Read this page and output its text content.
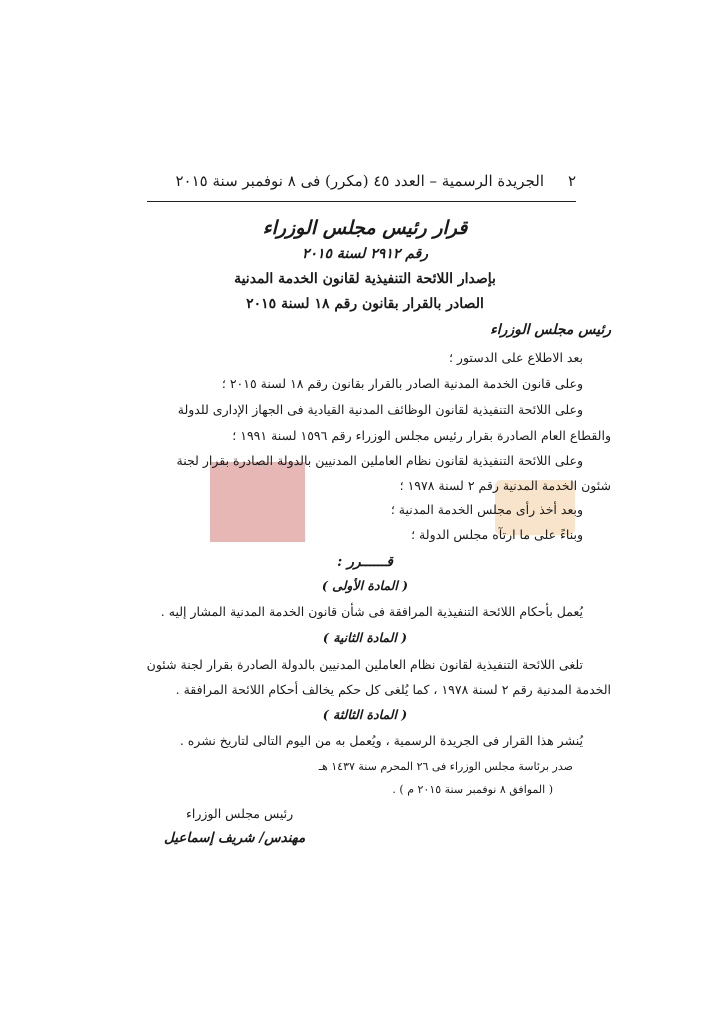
٢
الجريدة الرسمية – العدد ٤٥ (مكرر) فى ٨ نوفمبر سنة ٢٠١٥
قرار رئيس مجلس الوزراء
رقم ٢٩١٢ لسنة ٢٠١٥
بإصدار اللائحة التنفيذية لقانون الخدمة المدنية
الصادر بالقرار بقانون رقم ١٨ لسنة ٢٠١٥
رئيس مجلس الوزراء
بعد الاطلاع على الدستور ؛
وعلى قانون الخدمة المدنية الصادر بالقرار بقانون رقم ١٨ لسنة ٢٠١٥ ؛
وعلى اللائحة التنفيذية لقانون الوظائف المدنية القيادية فى الجهاز الإدارى للدولة
والقطاع العام الصادرة بقرار رئيس مجلس الوزراء رقم ١٥٩٦ لسنة ١٩٩١ ؛
وعلى اللائحة التنفيذية لقانون نظام العاملين المدنيين بالدولة الصادرة بقرار لجنة
شئون الخدمة المدنية رقم ٢ لسنة ١٩٧٨ ؛
وبعد أخذ رأى مجلس الخدمة المدنية ؛
وبناءً على ما ارتآه مجلس الدولة ؛
قــــــرر :
( المادة الأولى )
يُعمل بأحكام اللائحة التنفيذية المرافقة فى شأن قانون الخدمة المدنية المشار إليه .
( المادة الثانية )
تلغى اللائحة التنفيذية لقانون نظام العاملين المدنيين بالدولة الصادرة بقرار لجنة شئون
الخدمة المدنية رقم ٢ لسنة ١٩٧٨ ، كما يُلغى كل حكم يخالف أحكام اللائحة المرافقة .
( المادة الثالثة )
يُنشر هذا القرار فى الجريدة الرسمية ، ويُعمل به من اليوم التالى لتاريخ نشره .
صدر برئاسة مجلس الوزراء فى ٢٦ المحرم سنة ١٤٣٧ هـ
( الموافق ٨ نوفمبر سنة ٢٠١٥ م ) .
رئيس مجلس الوزراء
مهندس/ شريف إسماعيل
